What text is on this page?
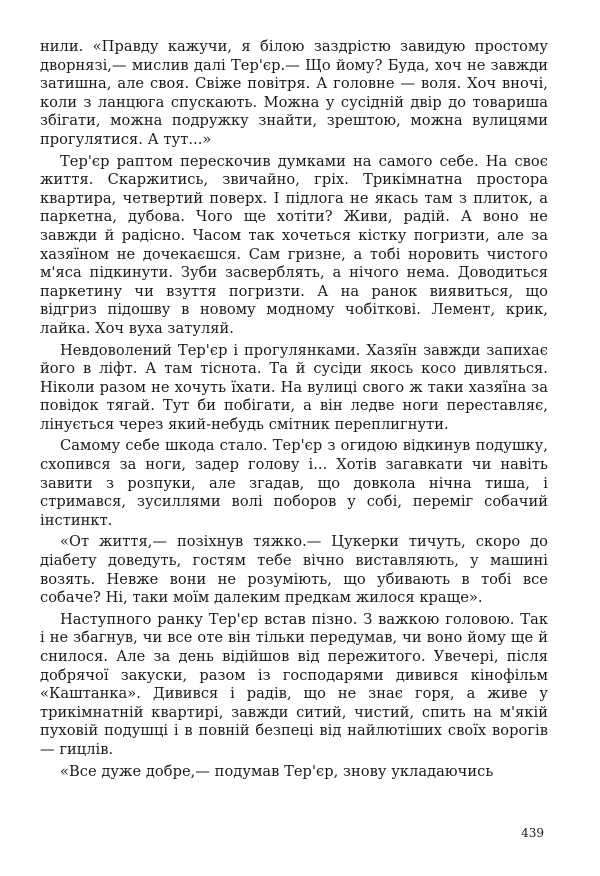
нили. «Правду кажучи, я білою заздрістю завидую простому дворнязі,— мислив далі Тер'єр.— Що йому? Буда, хоч не завжди затишна, але своя. Свіже повітря. А головне — воля. Хоч вночі, коли з ланцюга спускають. Можна у сусідній двір до товариша збігати, можна подружку знайти, зрештою, можна вулицями прогулятися. А тут...»

Тер'єр раптом перескочив думками на самого себе. На своє життя. Скаржитись, звичайно, гріх. Трикімнатна простора квартира, четвертий поверх. І підлога не якась там з плиток, а паркетна, дубова. Чого ще хотіти? Живи, радій. А воно не завжди й радісно. Часом так хочеться кістку погризти, але за хазяїном не дочекаєшся. Сам гризне, а тобі норовить чистого м'яса підкинути. Зуби засверблять, а нічого нема. Доводиться паркетину чи взуття погризти. А на ранок виявиться, що відгриз підошву в новому модному чобіткові. Лемент, крик, лайка. Хоч вуха затуляй.

Невдоволений Тер'єр і прогулянками. Хазяїн завжди запихає його в ліфт. А там тіснота. Та й сусіди якось косо дивляться. Ніколи разом не хочуть їхати. На вулиці свого ж таки хазяїна за повідок тягай. Тут би побігати, а він ледве ноги переставляє, лінується через який-небудь смітник переплигнути.

Самому себе шкода стало. Тер'єр з огидою відкинув подушку, схопився за ноги, задер голову і... Хотів загавкати чи навіть завити з розпуки, але згадав, що довкола нічна тиша, і стримався, зусиллями волі поборов у собі, переміг собачий інстинкт.

«От життя,— позіхнув тяжко.— Цукерки тичуть, скоро до діабету доведуть, гостям тебе вічно виставляють, у машині возять. Невже вони не розуміють, що убивають в тобі все собаче? Ні, таки моїм далеким предкам жилося краще».

Наступного ранку Тер'єр встав пізно. З важкою головою. Так і не збагнув, чи все оте він тільки передумав, чи воно йому ще й снилося. Але за день відійшов від пережитого. Увечері, після добрячої закуски, разом із господарями дивився кінофільм «Каштанка». Дивився і радів, що не знає горя, а живе у трикімнатній квартирі, завжди ситий, чистий, спить на м'якій пуховій подушці і в повній безпеці від найлютіших своїх ворогів — гицлів.

«Все дуже добре,— подумав Тер'єр, знову укладаючись

439
